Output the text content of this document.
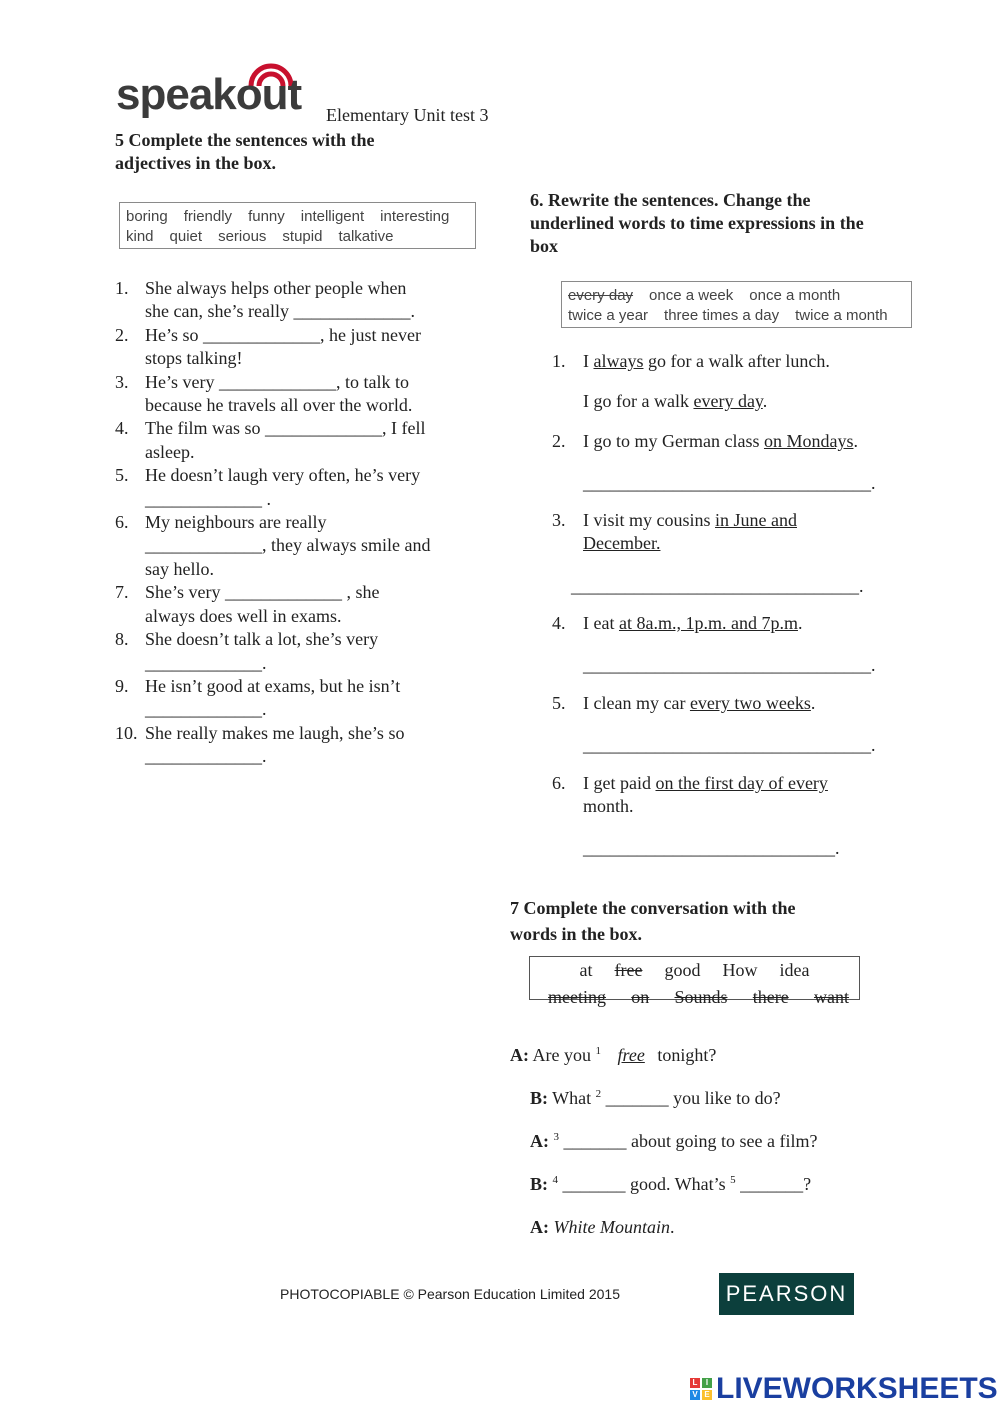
speakout Elementary Unit test 3
5 Complete the sentences with the
adjectives in the box.
boring friendly funny intelligent interesting
kind quiet serious stupid talkative
1. She always helps other people when
she can, she’s really _____________.
2. He’s so _____________, he just never
stops talking!
3. He’s very _____________, to talk to
because he travels all over the world.
4. The film was so _____________, I fell
asleep.
5. He doesn’t laugh very often, he’s very
_____________ .
6. My neighbours are really
_____________, they always smile and
say hello.
7. She’s very _____________ , she
always does well in exams.
8. She doesn’t talk a lot, she’s very
_____________.
9. He isn’t good at exams, but he isn’t
_____________.
10. She really makes me laugh, she’s so
_____________.
6. Rewrite the sentences. Change the
underlined words to time expressions in the
box
every day once a week once a month
twice a year three times a day twice a month
1. I always go for a walk after lunch.
2. I go to my German class on Mondays.
3. I visit my cousins in June and
December.
4. I eat at 8a.m., 1p.m. and 7p.m.
5. I clean my car every two weeks.
6. I get paid on the first day of every
month.
I go for a walk every day.
________________________________.
________________________________.
________________________________.
________________________________.
____________________________.
7 Complete the conversation with the
words in the box.
at free good How idea
meeting on Sounds there want
A: Are you $^1$ free tonight?
B: What $^2$ _______ you like to do?
A: $^3$ _______ about going to see a film?
B: $^4$ _______ good. What’s $^5$ _______?
A: White Mountain.
PHOTOCOPIABLE © Pearson Education Limited 2015	PEARSON
L	I
V E LIVEWORKSHEETS
